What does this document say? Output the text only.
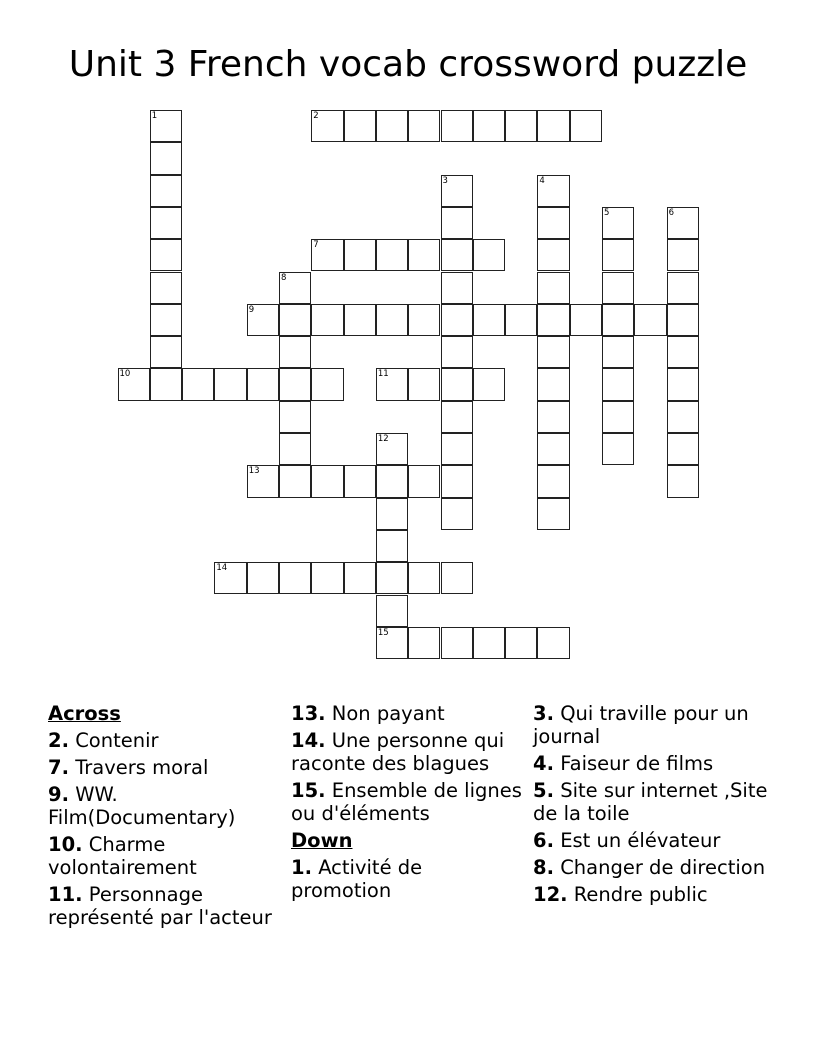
Unit 3 French vocab crossword puzzle
1	2
3	4
5	6
7
8
9
10	11
12
15
13
14
Across
2. Contenir
7. Travers moral
9. WW. Film(Documentary)
10. Charme volontairement
11. Personnage représenté par l'acteur
13. Non payant
14. Une personne qui raconte des blagues
15. Ensemble de lignes ou d'éléments
Down
1. Activité de promotion
3. Qui traville pour un journal
4. Faiseur de films
5. Site sur internet ,Site de la toile
6. Est un élévateur
8. Changer de direction
12. Rendre public
